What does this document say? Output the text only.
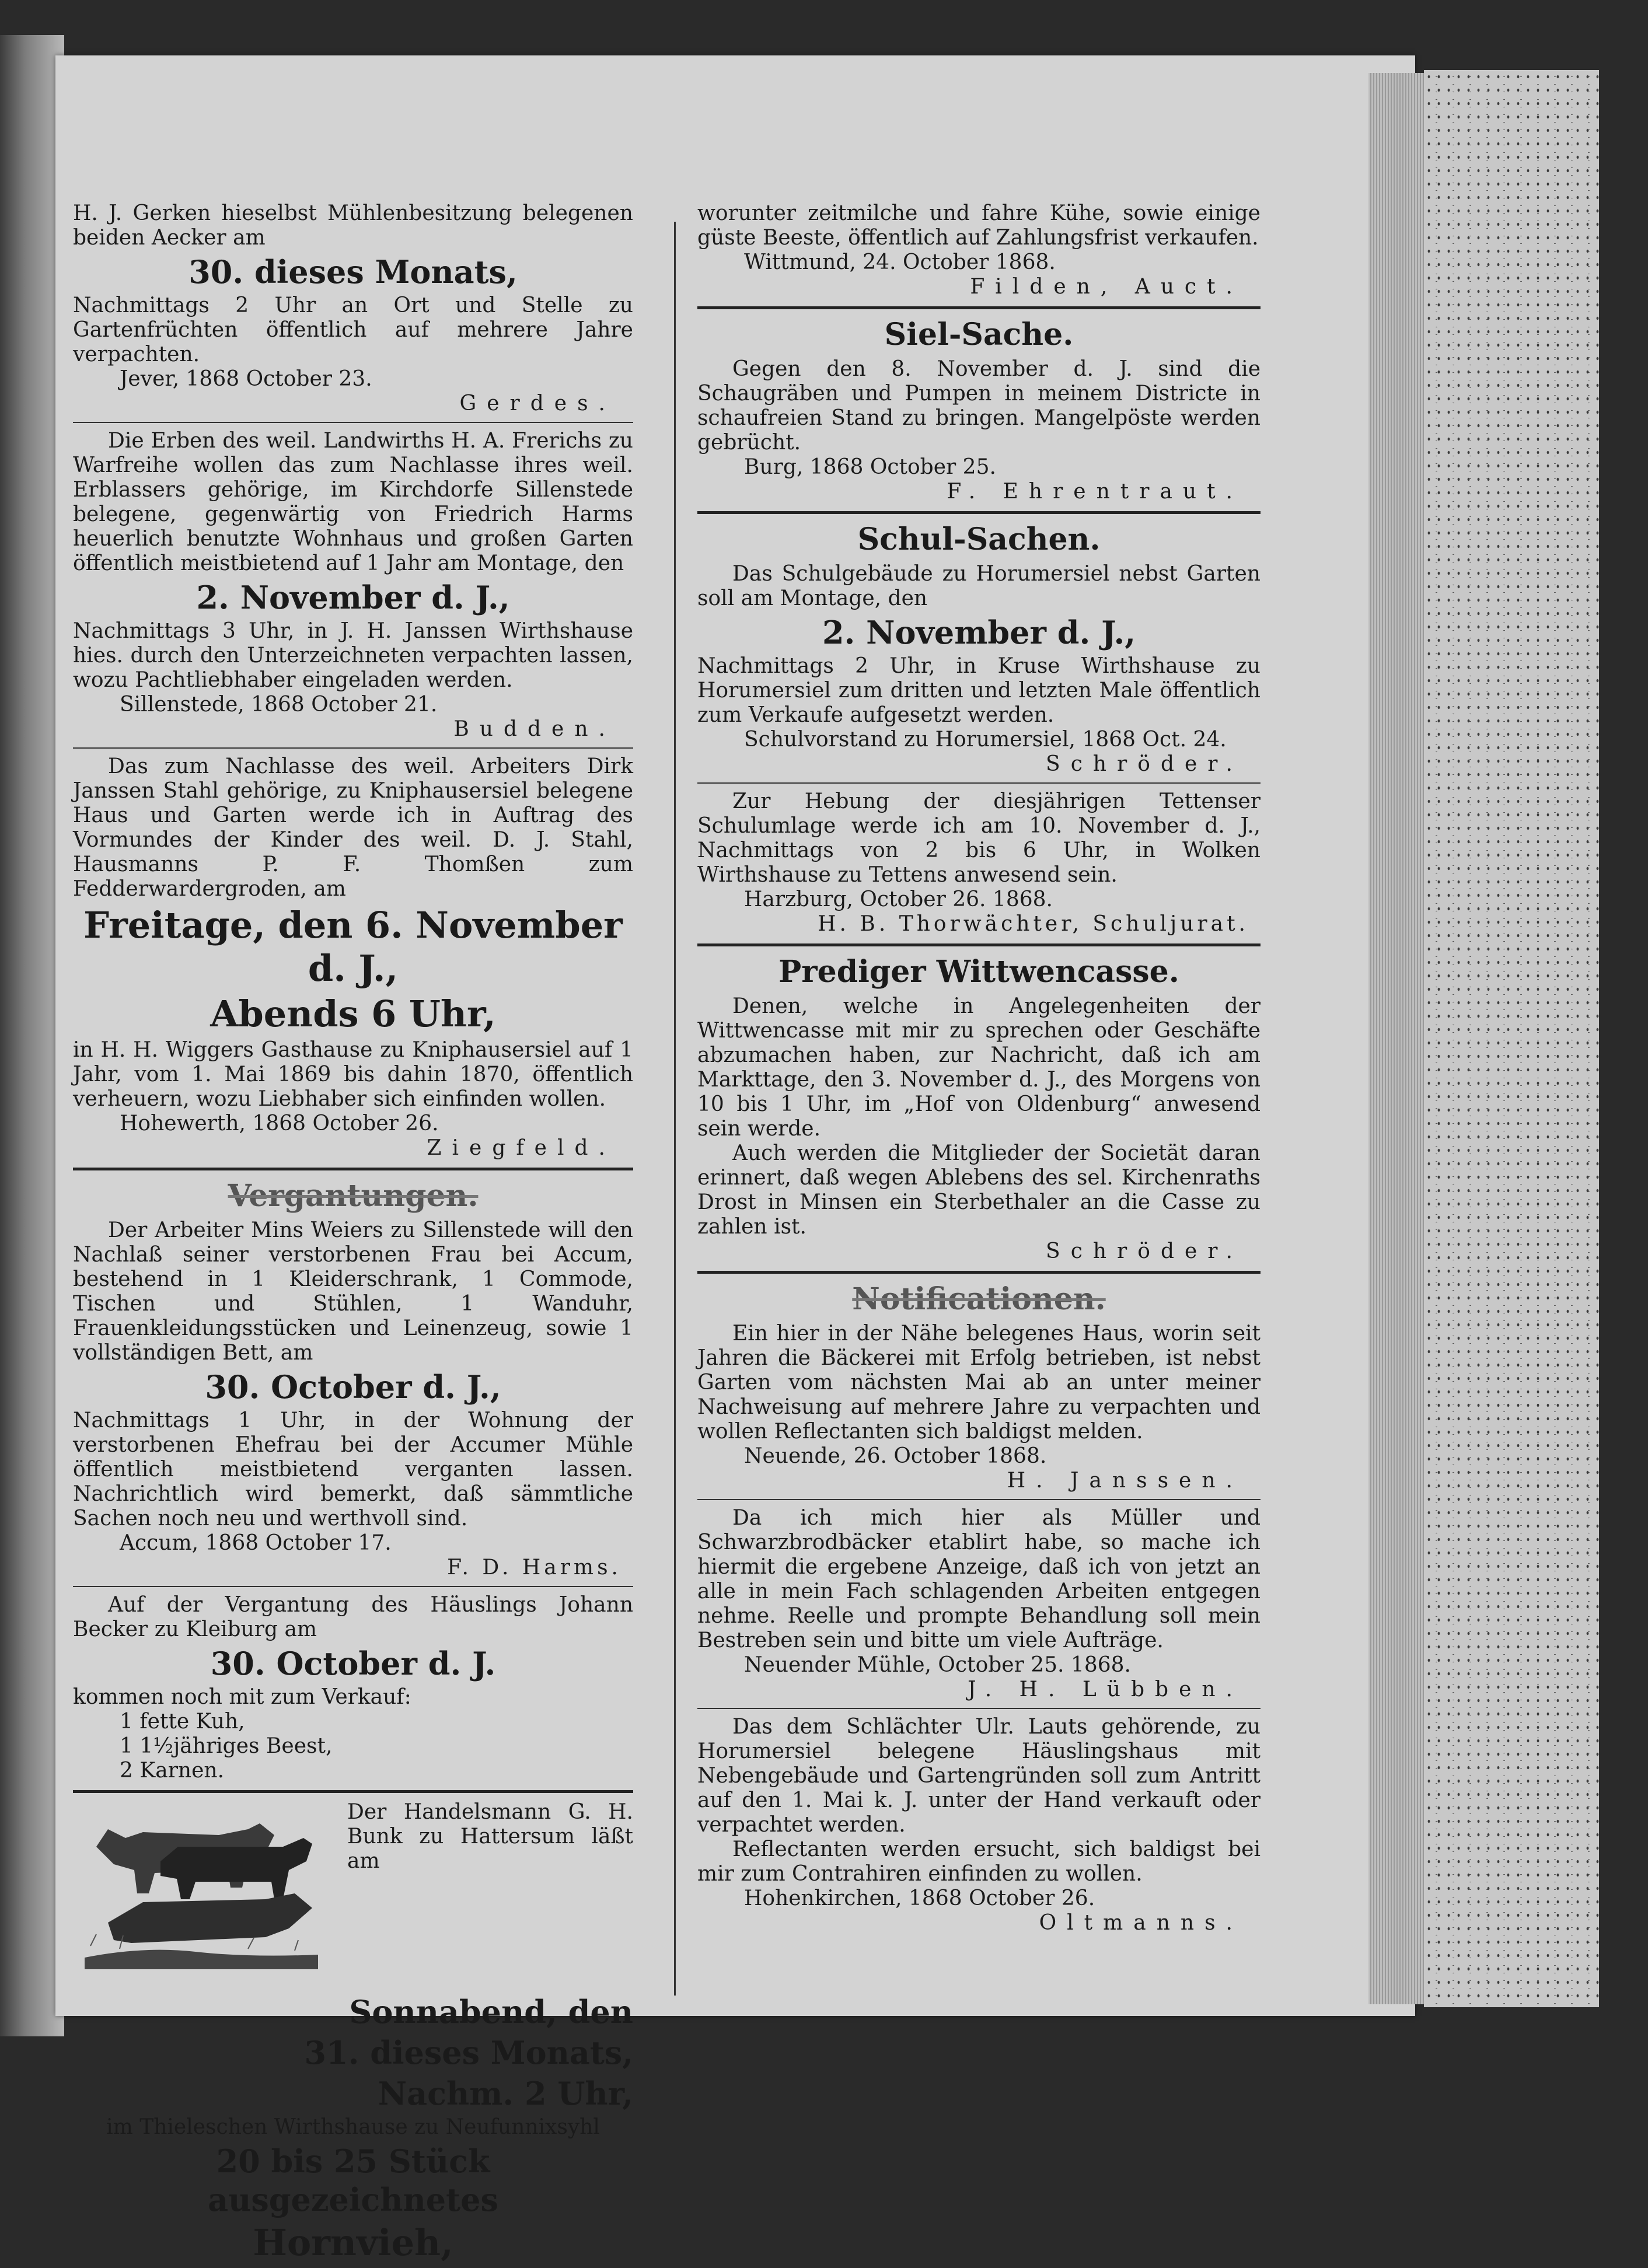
H. J. Gerken hieselbst Mühlenbesitzung belegenen beiden Aecker am

30. dieses Monats,

Nachmittags 2 Uhr an Ort und Stelle zu Gartenfrüchten öffentlich auf mehrere Jahre verpachten.

Jever, 1868 October 23.

Gerdes.

Die Erben des weil. Landwirths H. A. Frerichs zu Warfreihe wollen das zum Nachlasse ihres weil. Erblassers gehörige, im Kirchdorfe Sillenstede belegene, gegenwärtig von Friedrich Harms heuerlich benutzte Wohnhaus und großen Garten öffentlich meistbietend auf 1 Jahr am Montage, den

2. November d. J.,

Nachmittags 3 Uhr, in J. H. Janssen Wirthshause hies. durch den Unterzeichneten verpachten lassen, wozu Pachtliebhaber eingeladen werden.

Sillenstede, 1868 October 21.

Budden.

Das zum Nachlasse des weil. Arbeiters Dirk Janssen Stahl gehörige, zu Kniphausersiel belegene Haus und Garten werde ich in Auftrag des Vormundes der Kinder des weil. D. J. Stahl, Hausmanns P. F. Thomßen zum Fedderwardergroden, am

Freitage, den 6. November d. J.,
Abends 6 Uhr,

in H. H. Wiggers Gasthause zu Kniphausersiel auf 1 Jahr, vom 1. Mai 1869 bis dahin 1870, öffentlich verheuern, wozu Liebhaber sich einfinden wollen.

Hohewerth, 1868 October 26.

Ziegfeld.

Vergantungen.

Der Arbeiter Mins Weiers zu Sillenstede will den Nachlaß seiner verstorbenen Frau bei Accum, bestehend in 1 Kleiderschrank, 1 Commode, Tischen und Stühlen, 1 Wanduhr, Frauenkleidungsstücken und Leinenzeug, sowie 1 vollständigen Bett, am

30. October d. J.,

Nachmittags 1 Uhr, in der Wohnung der verstorbenen Ehefrau bei der Accumer Mühle öffentlich meistbietend verganten lassen. Nachrichtlich wird bemerkt, daß sämmtliche Sachen noch neu und werthvoll sind.

Accum, 1868 October 17.

F. D. Harms.

Auf der Vergantung des Häuslings Johann Becker zu Kleiburg am

30. October d. J.

kommen noch mit zum Verkauf:

1 fette Kuh,

1 1½jähriges Beest,

2 Karnen.

Der Handelsmann G. H. Bunk zu Hattersum läßt am

Sonnabend, den
31. dieses Monats,
Nachm. 2 Uhr,

im Thieleschen Wirthshause zu Neufunnixsyhl

20 bis 25 Stück ausgezeichnetes
Hornvieh,

worunter zeitmilche und fahre Kühe, sowie einige güste Beeste, öffentlich auf Zahlungsfrist verkaufen.

Wittmund, 24. October 1868.

Filden, Auct.

Siel-Sache.

Gegen den 8. November d. J. sind die Schaugräben und Pumpen in meinem Districte in schaufreien Stand zu bringen. Mangelpöste werden gebrücht.

Burg, 1868 October 25.

F. Ehrentraut.

Schul-Sachen.

Das Schulgebäude zu Horumersiel nebst Garten soll am Montage, den

2. November d. J.,

Nachmittags 2 Uhr, in Kruse Wirthshause zu Horumersiel zum dritten und letzten Male öffentlich zum Verkaufe aufgesetzt werden.

Schulvorstand zu Horumersiel, 1868 Oct. 24.

Schröder.

Zur Hebung der diesjährigen Tettenser Schulumlage werde ich am 10. November d. J., Nachmittags von 2 bis 6 Uhr, in Wolken Wirthshause zu Tettens anwesend sein.

Harzburg, October 26. 1868.

H. B. Thorwächter, Schuljurat.

Prediger Wittwencasse.

Denen, welche in Angelegenheiten der Wittwencasse mit mir zu sprechen oder Geschäfte abzumachen haben, zur Nachricht, daß ich am Markttage, den 3. November d. J., des Morgens von 10 bis 1 Uhr, im „Hof von Oldenburg“ anwesend sein werde.

Auch werden die Mitglieder der Societät daran erinnert, daß wegen Ablebens des sel. Kirchenraths Drost in Minsen ein Sterbethaler an die Casse zu zahlen ist.

Schröder.

Notificationen.

Ein hier in der Nähe belegenes Haus, worin seit Jahren die Bäckerei mit Erfolg betrieben, ist nebst Garten vom nächsten Mai ab an unter meiner Nachweisung auf mehrere Jahre zu verpachten und wollen Reflectanten sich baldigst melden.

Neuende, 26. October 1868.

H. Janssen.

Da ich mich hier als Müller und Schwarzbrodbäcker etablirt habe, so mache ich hiermit die ergebene Anzeige, daß ich von jetzt an alle in mein Fach schlagenden Arbeiten entgegen nehme. Reelle und prompte Behandlung soll mein Bestreben sein und bitte um viele Aufträge.

Neuender Mühle, October 25. 1868.

J. H. Lübben.

Das dem Schlächter Ulr. Lauts gehörende, zu Horumersiel belegene Häuslingshaus mit Nebengebäude und Gartengründen soll zum Antritt auf den 1. Mai k. J. unter der Hand verkauft oder verpachtet werden.

Reflectanten werden ersucht, sich baldigst bei mir zum Contrahiren einfinden zu wollen.

Hohenkirchen, 1868 October 26.

Oltmanns.
